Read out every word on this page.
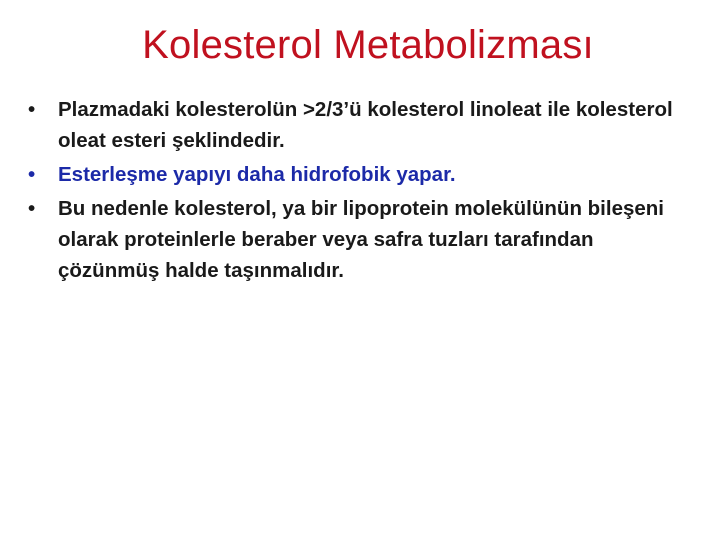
Kolesterol Metabolizması
•	Plazmadaki kolesterolün >2/3’ü kolesterol linoleat ile kolesterol oleat esteri şeklindedir.
•	Esterleşme yapıyı daha hidrofobik yapar.
•	Bu nedenle kolesterol, ya bir lipoprotein molekülünün bileşeni olarak proteinlerle beraber veya safra tuzları tarafından çözünmüş halde taşınmalıdır.
